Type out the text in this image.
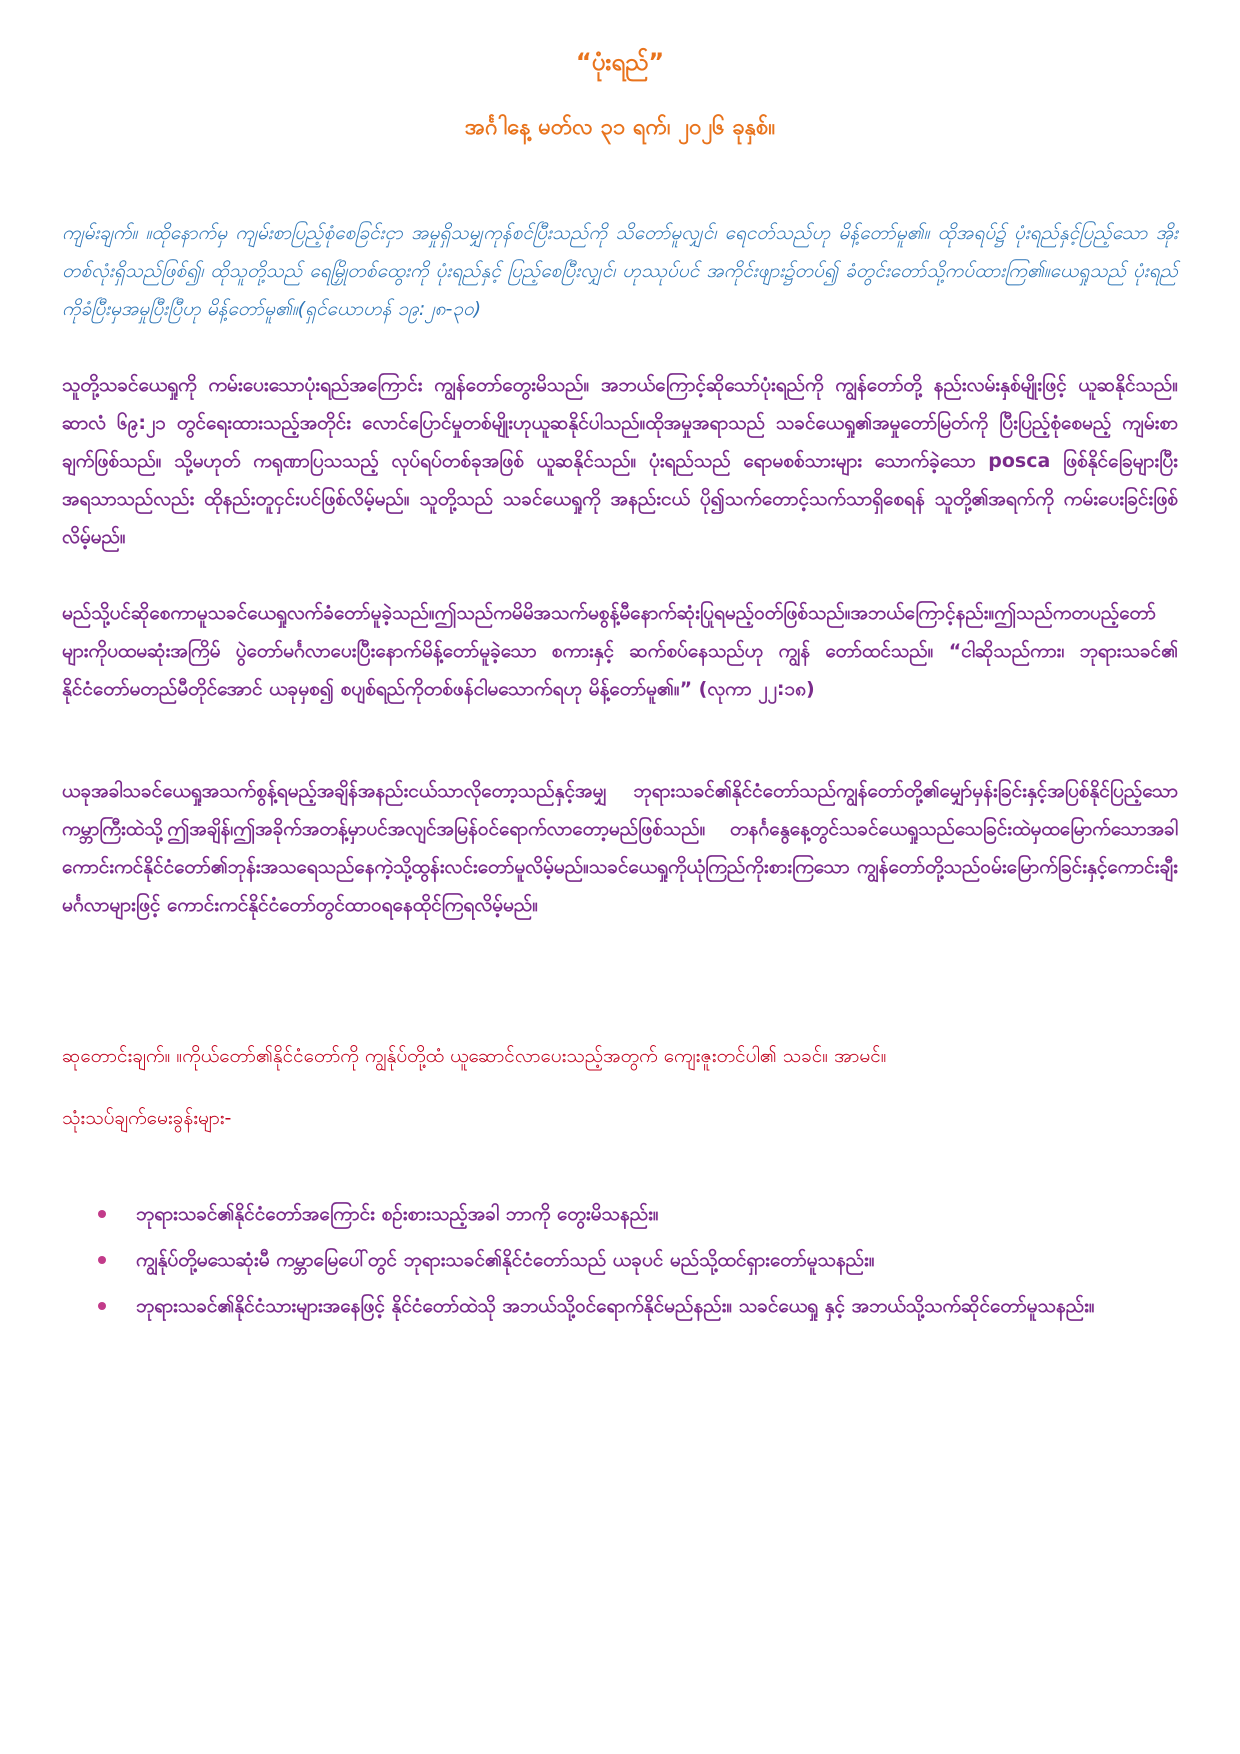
“ပုံးရည်”
အင်္ဂါနေ့ မတ်လ ၃၁ ရက်၊ ၂၀၂၆ ခုနှစ်။

ကျမ်းချက်။ ။ထိုနောက်မှ ကျမ်းစာပြည့်စုံစေခြင်းငှာ အမှုရှိသမျှကုန်စင်ပြီးသည်ကို သိတော်မူလျှင်၊ ရေငတ်သည်ဟု မိန့်တော်မူ၏။ ထိုအရပ်၌ ပုံးရည်နှင့်ပြည့်သော အိုးတစ်လုံးရှိသည်ဖြစ်၍၊ ထိုသူတို့သည် ရေမြှိုတစ်ထွေးကို ပုံးရည်နှင့် ပြည့်စေပြီးလျှင်၊ ဟုဿုပ်ပင် အကိုင်းဖျား၌တပ်၍ ခံတွင်းတော်သို့ကပ်ထားကြ၏။ယေရှုသည် ပုံးရည်ကိုခံပြီးမှအမှုပြီးပြီဟု မိန့်တော်မူ၏။(ရှင်ယောဟန် ၁၉:၂၈-၃၀)

သူတို့သခင်ယေရှုကို ကမ်းပေးသောပုံးရည်အကြောင်း ကျွန်တော်တွေးမိသည်။ အဘယ်ကြောင့်ဆိုသော်ပုံးရည်ကို ကျွန်တော်တို့ နည်းလမ်းနှစ်မျိုးဖြင့် ယူဆနိုင်သည်။ ဆာလံ ၆၉:၂၁ တွင်ရေးထားသည့်အတိုင်း လောင်ပြောင်မှုတစ်မျိုးဟုယူဆနိုင်ပါသည်။ထိုအမှုအရာသည် သခင်ယေရှု၏အမှုတော်မြတ်ကို ပြီးပြည့်စုံစေမည့် ကျမ်းစာချက်ဖြစ်သည်။ သို့မဟုတ် ကရုဏာပြသသည့် လုပ်ရပ်တစ်ခုအဖြစ် ယူဆနိုင်သည်။ ပုံးရည်သည် ရောမစစ်သားများ သောက်ခဲ့သော posca ဖြစ်နိုင်ခြေများပြီး အရသာသည်လည်း ထိုနည်းတူငှင်းပင်ဖြစ်လိမ့်မည်။ သူတို့သည် သခင်ယေရှုကို အနည်းငယ် ပို၍သက်တောင့်သက်သာရှိစေရန် သူတို့၏အရက်ကို ကမ်းပေးခြင်းဖြစ်လိမ့်မည်။

မည်သို့ပင်ဆိုစေကာမူသခင်ယေရှုလက်ခံတော်မူခဲ့သည်။ဤသည်ကမိမိအသက်မစွန့်မီနောက်ဆုံးပြုရမည့်ဝတ်ဖြစ်သည်။အဘယ်ကြောင့်နည်း။ဤသည်ကတပည့်တော်များကိုပထမဆုံးအကြိမ် ပွဲတော်မင်္ဂလာပေးပြီးနောက်မိန့်တော်မူခဲ့သော စကားနှင့် ဆက်စပ်နေသည်ဟု ကျွန် တော်ထင်သည်။ “ငါဆိုသည်ကား၊ ဘုရားသခင်၏ နိုင်ငံတော်မတည်မီတိုင်အောင် ယခုမှစ၍ စပျစ်ရည်ကိုတစ်ဖန်ငါမသောက်ရဟု မိန့်တော်မူ၏။” (လုကာ ၂၂:၁၈)

ယခုအခါသခင်ယေရှုအသက်စွန့်ရမည့်အချိန်အနည်းငယ်သာလိုတော့သည်နှင့်အမျှ ဘုရားသခင်၏နိုင်ငံတော်သည်ကျွန်တော်တို့၏မျှော်မှန်းခြင်းနှင့်အပြစ်နိုင်ပြည့်သောကမ္ဘာကြီးထဲသို့ဤအချိန်၊ဤအခိုက်အတန့်မှာပင်အလျင်အမြန်ဝင်ရောက်လာတော့မည်ဖြစ်သည်။ တနင်္ဂနွေနေ့တွင်သခင်ယေရှုသည်သေခြင်းထဲမှထမြောက်သောအခါကောင်းကင်နိုင်ငံတော်၏ဘုန်းအသရေသည်နေကဲ့သို့ထွန်းလင်းတော်မူလိမ့်မည်။သခင်ယေရှုကိုယုံကြည်ကိုးစားကြသော ကျွန်တော်တို့သည်ဝမ်းမြောက်ခြင်းနှင့်ကောင်းချီးမင်္ဂလာများဖြင့် ကောင်းကင်နိုင်ငံတော်တွင်ထာဝရနေထိုင်ကြရလိမ့်မည်။

ဆုတောင်းချက်။ ။ကိုယ်တော်၏နိုင်ငံတော်ကို ကျွန်ုပ်တို့ထံ ယူဆောင်လာပေးသည့်အတွက် ကျေးဇူးတင်ပါ၏ သခင်။ အာမင်။

သုံးသပ်ချက်မေးခွန်းများ-

ဘုရားသခင်၏နိုင်ငံတော်အကြောင်း စဉ်းစားသည့်အခါ ဘာကို တွေးမိသနည်း။
ကျွန်ုပ်တို့မသေဆုံးမီ ကမ္ဘာမြေပေါ်တွင် ဘုရားသခင်၏နိုင်ငံတော်သည် ယခုပင် မည်သို့ထင်ရှားတော်မူသနည်း။
ဘုရားသခင်၏နိုင်ငံသားများအနေဖြင့် နိုင်ငံတော်ထဲသို အဘယ်သို့ဝင်ရောက်နိုင်မည်နည်း။ သခင်ယေရှု နှင့် အဘယ်သို့သက်ဆိုင်တော်မူသနည်း။
